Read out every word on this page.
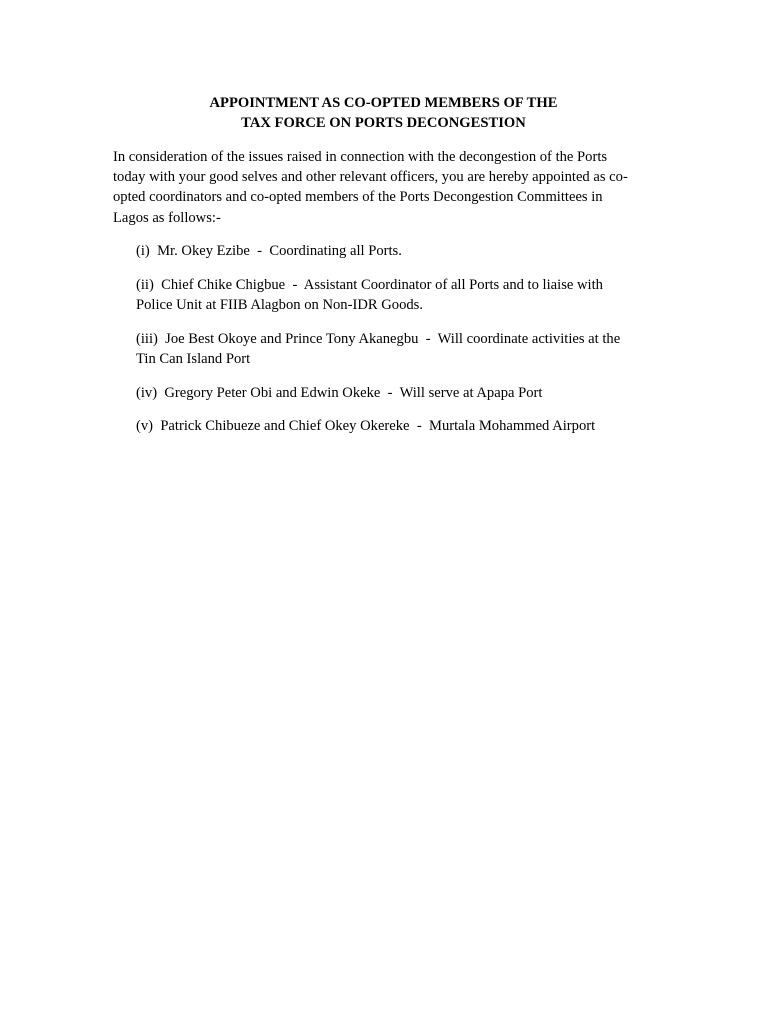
APPOINTMENT AS CO-OPTED MEMBERS OF THE
TAX FORCE ON PORTS DECONGESTION
In consideration of the issues raised in connection with the decongestion of the Ports
today with your good selves and other relevant officers, you are hereby appointed as co-
opted coordinators and co-opted members of the Ports Decongestion Committees in
Lagos as follows:-
(i)  Mr. Okey Ezibe  -  Coordinating all Ports.
(ii)  Chief Chike Chigbue  -  Assistant Coordinator of all Ports and to liaise with
Police Unit at FIIB Alagbon on Non-IDR Goods.
(iii)  Joe Best Okoye and Prince Tony Akanegbu  -  Will coordinate activities at the
Tin Can Island Port
(iv)  Gregory Peter Obi and Edwin Okeke  -  Will serve at Apapa Port
(v)  Patrick Chibueze and Chief Okey Okereke  -  Murtala Mohammed Airport
